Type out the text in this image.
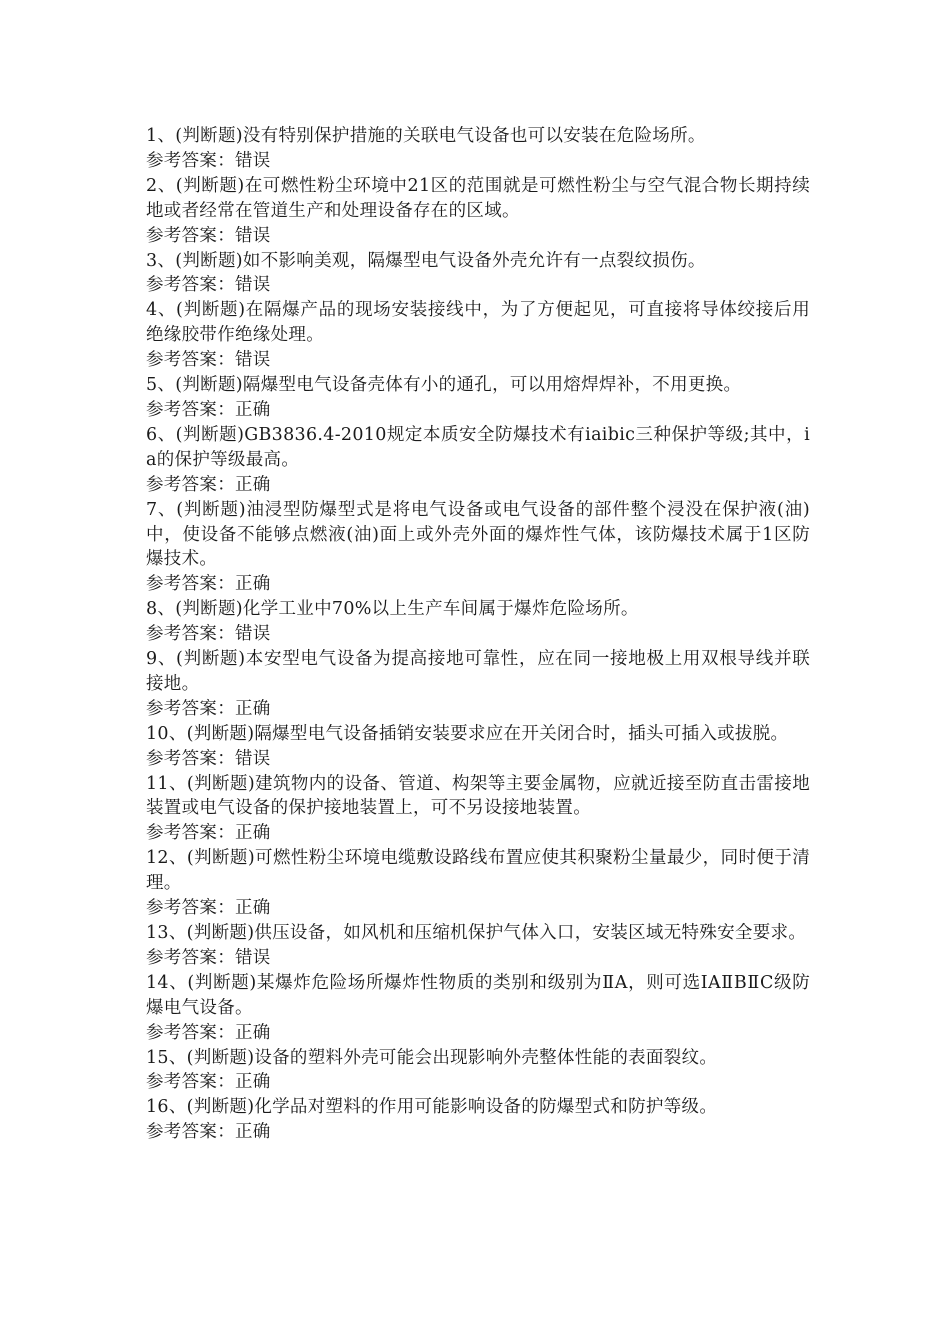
1、(判断题)没有特别保护措施的关联电气设备也可以安装在危险场所。
参考答案：错误
2、(判断题)在可燃性粉尘环境中21区的范围就是可燃性粉尘与空气混合物长期持续地或者经常在管道生产和处理设备存在的区域。
参考答案：错误
3、(判断题)如不影响美观，隔爆型电气设备外壳允许有一点裂纹损伤。
参考答案：错误
4、(判断题)在隔爆产品的现场安装接线中，为了方便起见，可直接将导体绞接后用绝缘胶带作绝缘处理。
参考答案：错误
5、(判断题)隔爆型电气设备壳体有小的通孔，可以用熔焊焊补，不用更换。
参考答案：正确
6、(判断题)GB3836.4-2010规定本质安全防爆技术有iaibic三种保护等级;其中，ia的保护等级最高。
参考答案：正确
7、(判断题)油浸型防爆型式是将电气设备或电气设备的部件整个浸没在保护液(油)中，使设备不能够点燃液(油)面上或外壳外面的爆炸性气体，该防爆技术属于1区防爆技术。
参考答案：正确
8、(判断题)化学工业中70%以上生产车间属于爆炸危险场所。
参考答案：错误
9、(判断题)本安型电气设备为提高接地可靠性，应在同一接地极上用双根导线并联接地。
参考答案：正确
10、(判断题)隔爆型电气设备插销安装要求应在开关闭合时，插头可插入或拔脱。
参考答案：错误
11、(判断题)建筑物内的设备、管道、构架等主要金属物，应就近接至防直击雷接地装置或电气设备的保护接地装置上，可不另设接地装置。
参考答案：正确
12、(判断题)可燃性粉尘环境电缆敷设路线布置应使其积聚粉尘量最少，同时便于清理。
参考答案：正确
13、(判断题)供压设备，如风机和压缩机保护气体入口，安装区域无特殊安全要求。
参考答案：错误
14、(判断题)某爆炸危险场所爆炸性物质的类别和级别为ⅡA，则可选IAⅡBⅡC级防爆电气设备。
参考答案：正确
15、(判断题)设备的塑料外壳可能会出现影响外壳整体性能的表面裂纹。
参考答案：正确
16、(判断题)化学品对塑料的作用可能影响设备的防爆型式和防护等级。
参考答案：正确
